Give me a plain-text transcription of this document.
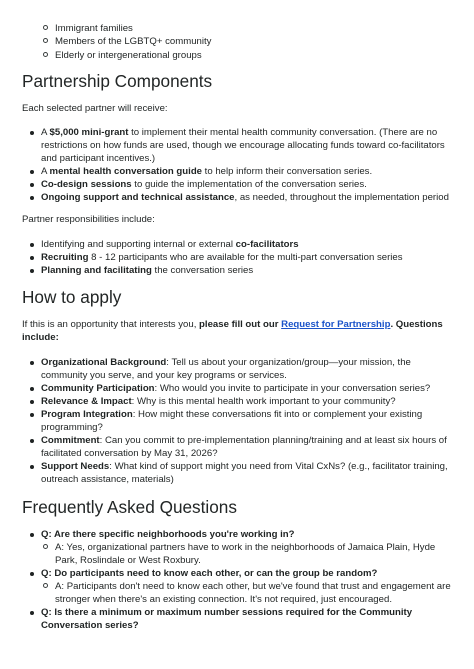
Immigrant families
Members of the LGBTQ+ community
Elderly or intergenerational groups
Partnership Components

Each selected partner will receive:

A $5,000 mini-grant to implement their mental health community conversation. (There are no restrictions on how funds are used, though we encourage allocating funds toward co-facilitators and participant incentives.)
A mental health conversation guide to help inform their conversation series.
Co-design sessions to guide the implementation of the conversation series.
Ongoing support and technical assistance, as needed, throughout the implementation period

Partner responsibilities include:

Identifying and supporting internal or external co-facilitators
Recruiting 8 - 12 participants who are available for the multi-part conversation series
Planning and facilitating the conversation series
How to apply

If this is an opportunity that interests you, please fill out our Request for Partnership. Questions include:

Organizational Background: Tell us about your organization/group—your mission, the community you serve, and your key programs or services.
Community Participation: Who would you invite to participate in your conversation series?
Relevance & Impact: Why is this mental health work important to your community?
Program Integration: How might these conversations fit into or complement your existing programming?
Commitment: Can you commit to pre-implementation planning/training and at least six hours of facilitated conversation by May 31, 2026?
Support Needs: What kind of support might you need from Vital CxNs? (e.g., facilitator training, outreach assistance, materials)
Frequently Asked Questions
Q: Are there specific neighborhoods you're working in?
A: Yes, organizational partners have to work in the neighborhoods of Jamaica Plain, Hyde Park, Roslindale or West Roxbury.
Q: Do participants need to know each other, or can the group be random?
A: Participants don't need to know each other, but we've found that trust and engagement are stronger when there's an existing connection. It's not required, just encouraged.
Q: Is there a minimum or maximum number sessions required for the Community Conversation series?
